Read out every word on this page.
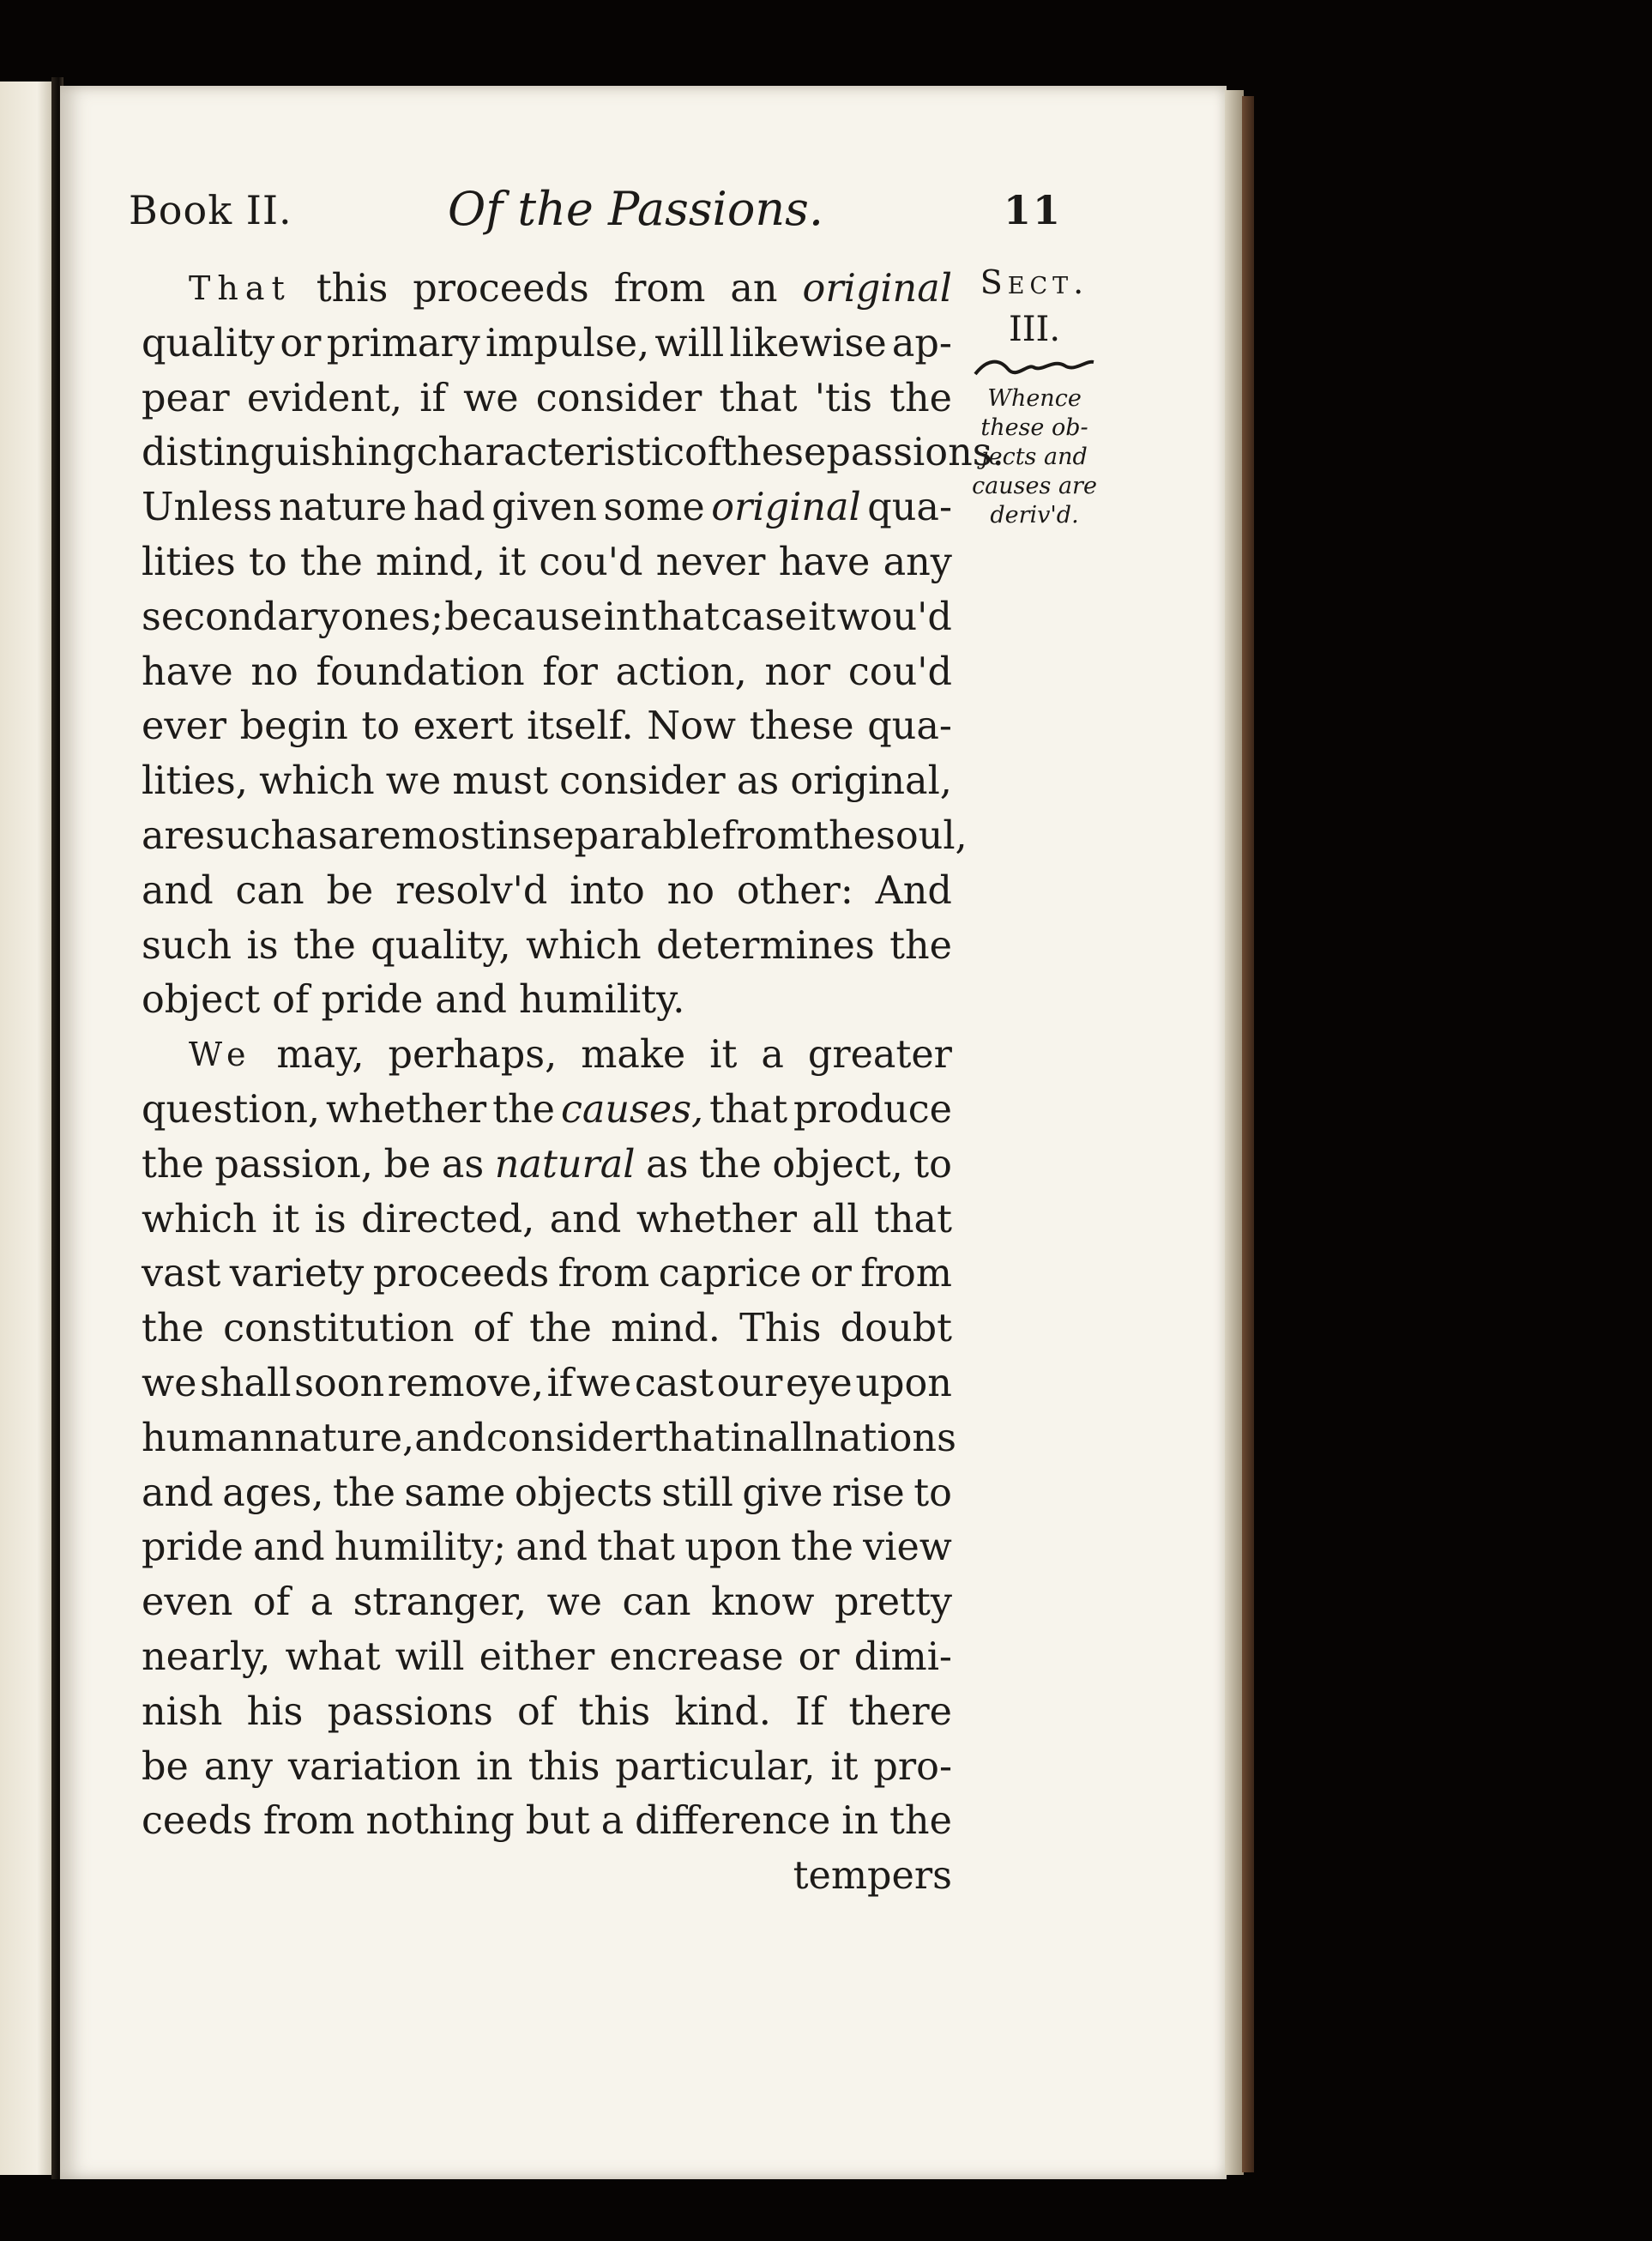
Book II.	Of the Passions.	11
That this proceeds from an original
quality or primary impulse, will likewise ap-
pear evident, if we consider that 'tis the
distinguishing characteristic of these passions.
Unless nature had given some original qua-
lities to the mind, it cou'd never have any
secondary ones; because in that case it wou'd
have no foundation for action, nor cou'd
ever begin to exert itself. Now these qua-
lities, which we must consider as original,
are such as are most inseparable from the soul,
and can be resolv'd into no other: And
such is the quality, which determines the
object of pride and humility.
We may, perhaps, make it a greater
question, whether the causes, that produce
the passion, be as natural as the object, to
which it is directed, and whether all that
vast variety proceeds from caprice or from
the constitution of the mind. This doubt
we shall soon remove, if we cast our eye upon
human nature, and consider that in all nations
and ages, the same objects still give rise to
pride and humility; and that upon the view
even of a stranger, we can know pretty
nearly, what will either encrease or dimi-
nish his passions of this kind. If there
be any variation in this particular, it pro-
ceeds from nothing but a difference in the
tempers
Sect.
III.
Whence
these ob-
jects and
causes are
deriv'd.
